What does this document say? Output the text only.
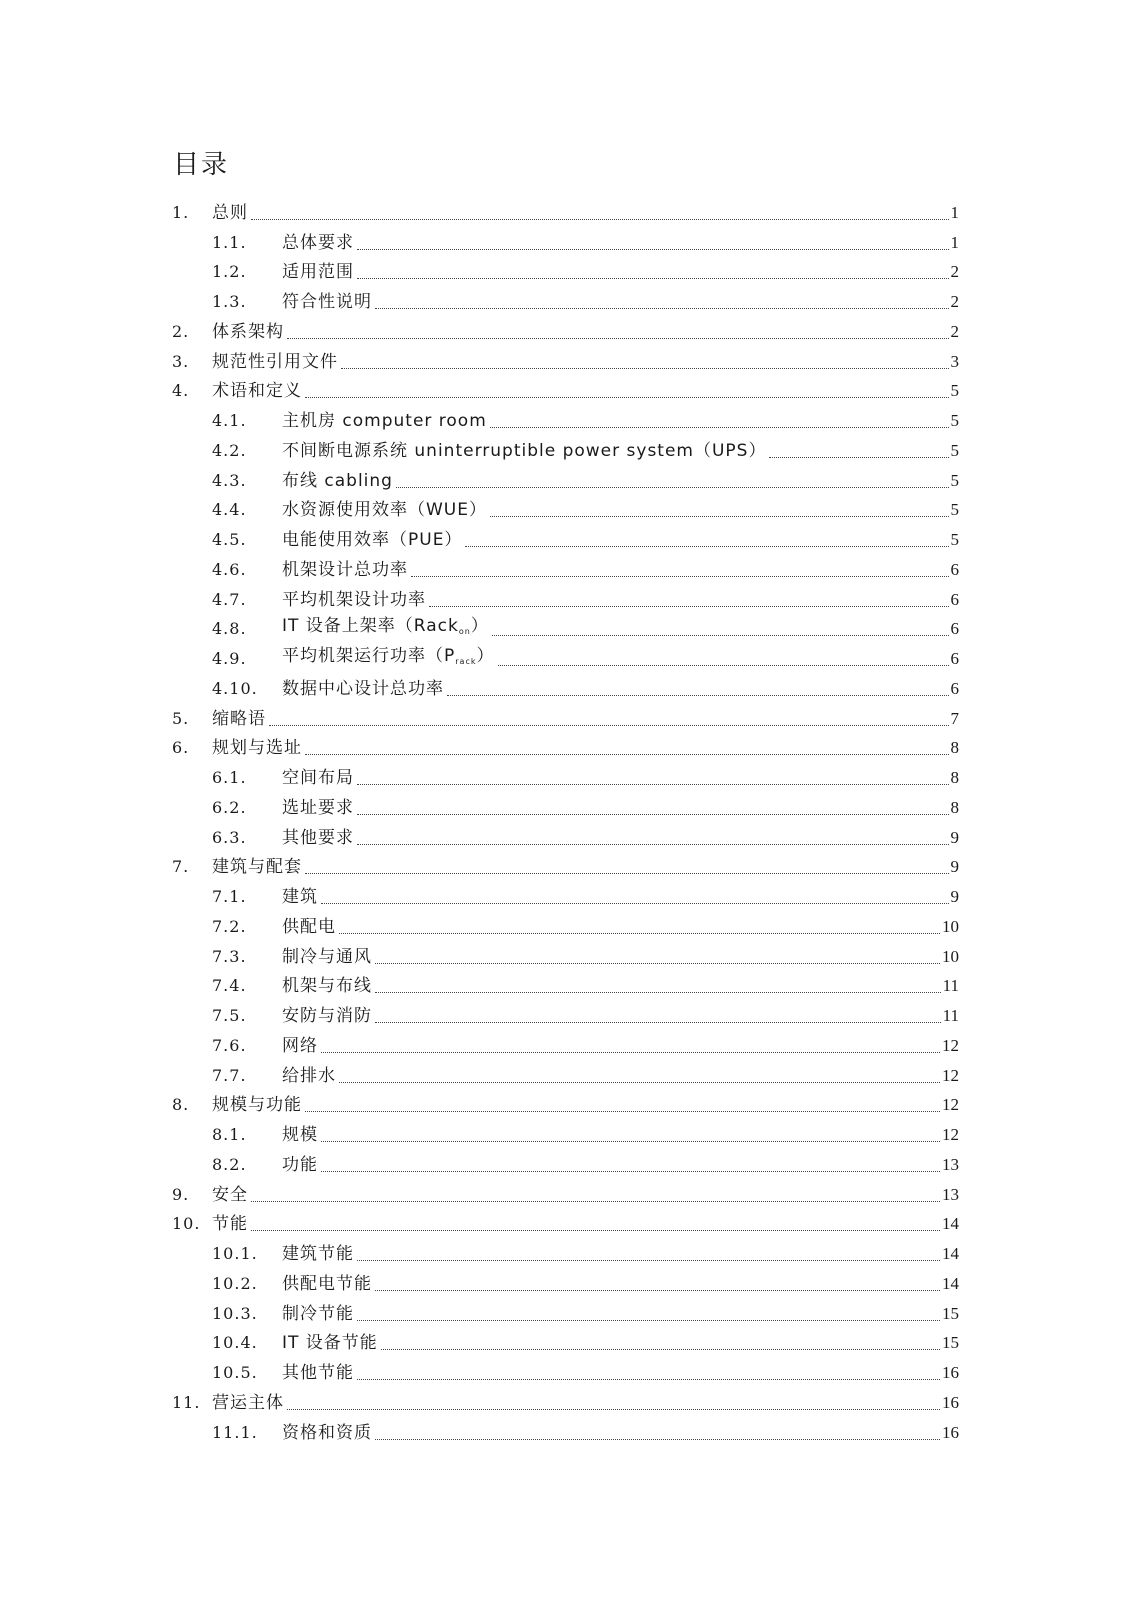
目录
1.	总则	1
1.1.	总体要求	1
1.2.	适用范围	2
1.3.	符合性说明	2
2.	体系架构	2
3.	规范性引用文件	3
4.	术语和定义	5
4.1.	主机房 computer room	5
4.2.	不间断电源系统 uninterruptible power system（UPS）	5
4.3.	布线 cabling	5
4.4.	水资源使用效率（WUE）	5
4.5.	电能使用效率（PUE）	5
4.6.	机架设计总功率	6
4.7.	平均机架设计功率	6
4.8.	IT 设备上架率（Rack$_{on}$）	6
4.9.	平均机架运行功率$(P_{rack})$	6
4.10.	数据中心设计总功率	6
5.	缩略语	7
6.	规划与选址	8
6.1.	空间布局	8
6.2.	选址要求	8
6.3.	其他要求	9
7.	建筑与配套	9
7.1.	建筑	9
7.2.	供配电	10
7.3.	制冷与通风	10
7.4.	机架与布线	11
7.5.	安防与消防	11
7.6.	网络	12
7.7.	给排水	12
8.	规模与功能	12
8.1.	规模	12
8.2.	功能	13
9.	安全	13
10. 节能	14
10.1.	建筑节能	14
10.2.	供配电节能	14
10.3.	制冷节能	15
10.4.	IT 设备节能	15
10.5.	其他节能	16
11. 营运主体	16
11.1.	资格和资质	16
